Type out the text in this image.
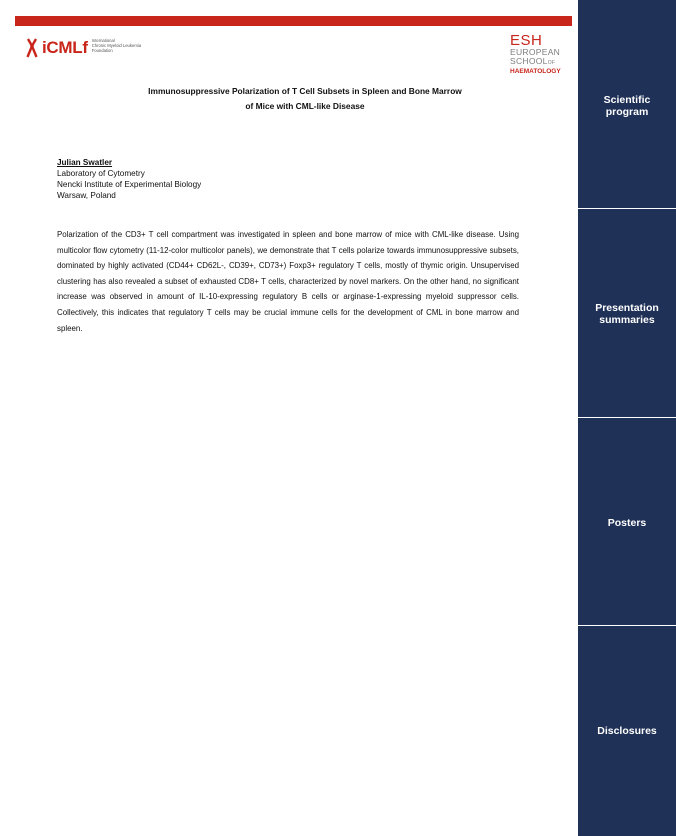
iCMLf International
Chronic Myeloid Leukemia
Foundation
ESH
EUROPEAN
SCHOOLOF
HAEMATOLOGY
Immunosuppressive Polarization of T Cell Subsets in Spleen and Bone Marrow
of Mice with CML-like Disease
Julian Swatler
Laboratory of Cytometry
Nencki Institute of Experimental Biology
Warsaw, Poland
Polarization of the CD3+ T cell compartment was investigated in spleen and bone marrow of mice with CML-like disease. Using multicolor flow cytometry (11-12-color multicolor panels), we demonstrate that T cells polarize towards immunosuppressive subsets, dominated by highly activated (CD44+ CD62L-, CD39+, CD73+) Foxp3+ regulatory T cells, mostly of thymic origin. Unsupervised clustering has also revealed a subset of exhausted CD8+ T cells, characterized by novel markers. On the other hand, no significant increase was observed in amount of IL-10-expressing regulatory B cells or arginase-1-expressing myeloid suppressor cells. Collectively, this indicates that regulatory T cells may be crucial immune cells for the development of CML in bone marrow and spleen.
Scientific
program
Presentation
summaries
Posters
Disclosures
